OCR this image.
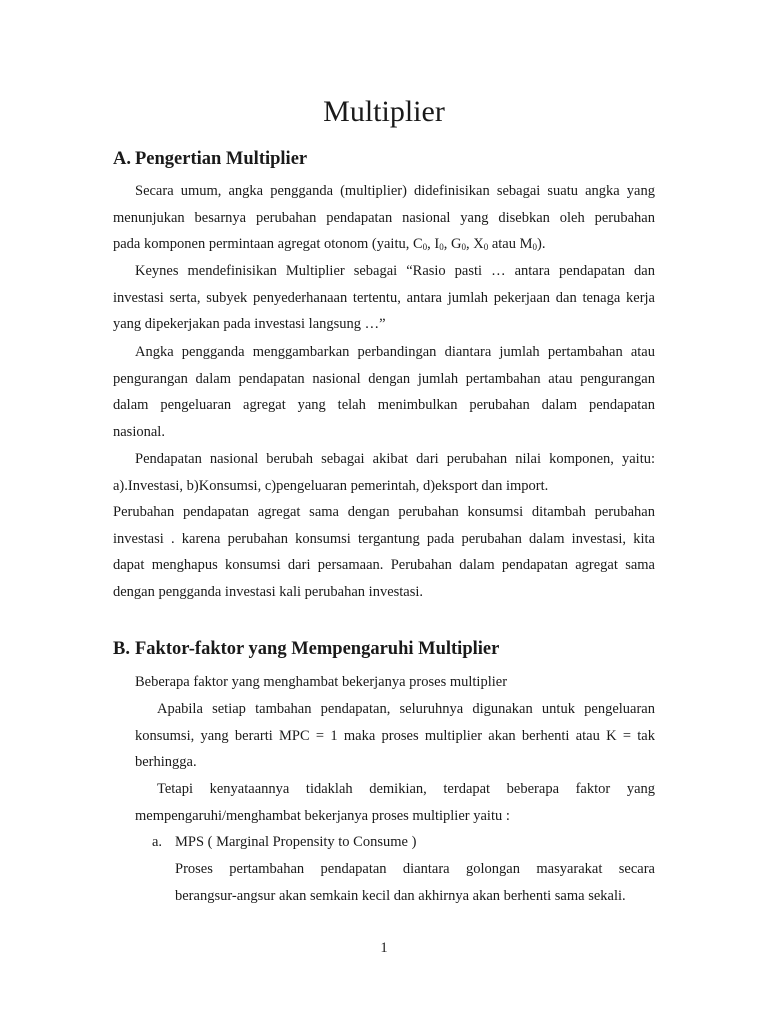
Multiplier
A. Pengertian Multiplier
Secara umum, angka pengganda (multiplier) didefinisikan sebagai suatu angka yang
menunjukan besarnya perubahan pendapatan nasional yang disebkan oleh perubahan
pada komponen permintaan agregat otonom (yaitu, $C_0$, $I_0$, $G_0$, $X_0$ atau $M_0$).
Keynes mendefinisikan Multiplier sebagai “Rasio pasti … antara pendapatan dan
investasi serta, subyek penyederhanaan tertentu, antara jumlah pekerjaan dan tenaga kerja
yang dipekerjakan pada investasi langsung …”
Angka pengganda menggambarkan perbandingan diantara jumlah pertambahan atau
pengurangan dalam pendapatan nasional dengan jumlah pertambahan atau pengurangan
dalam pengeluaran agregat yang telah menimbulkan perubahan dalam pendapatan
nasional.
Pendapatan nasional berubah sebagai akibat dari perubahan nilai komponen, yaitu:
a).Investasi, b)Konsumsi, c)pengeluaran pemerintah, d)eksport dan import.
Perubahan pendapatan agregat sama dengan perubahan konsumsi ditambah perubahan
investasi . karena perubahan konsumsi tergantung pada perubahan dalam investasi, kita
dapat menghapus konsumsi dari persamaan. Perubahan dalam pendapatan agregat sama
dengan pengganda investasi kali perubahan investasi.
B. Faktor-faktor yang Mempengaruhi Multiplier
Beberapa faktor yang menghambat bekerjanya proses multiplier
Apabila setiap tambahan pendapatan, seluruhnya digunakan untuk pengeluaran
konsumsi, yang berarti MPC = 1 maka proses multiplier akan berhenti atau K = tak
berhingga.
Tetapi kenyataannya tidaklah demikian, terdapat beberapa faktor yang
mempengaruhi/menghambat bekerjanya proses multiplier yaitu :
a. MPS ( Marginal Propensity to Consume )
Proses pertambahan pendapatan diantara golongan masyarakat secara
berangsur-angsur akan semkain kecil dan akhirnya akan berhenti sama sekali.
1
